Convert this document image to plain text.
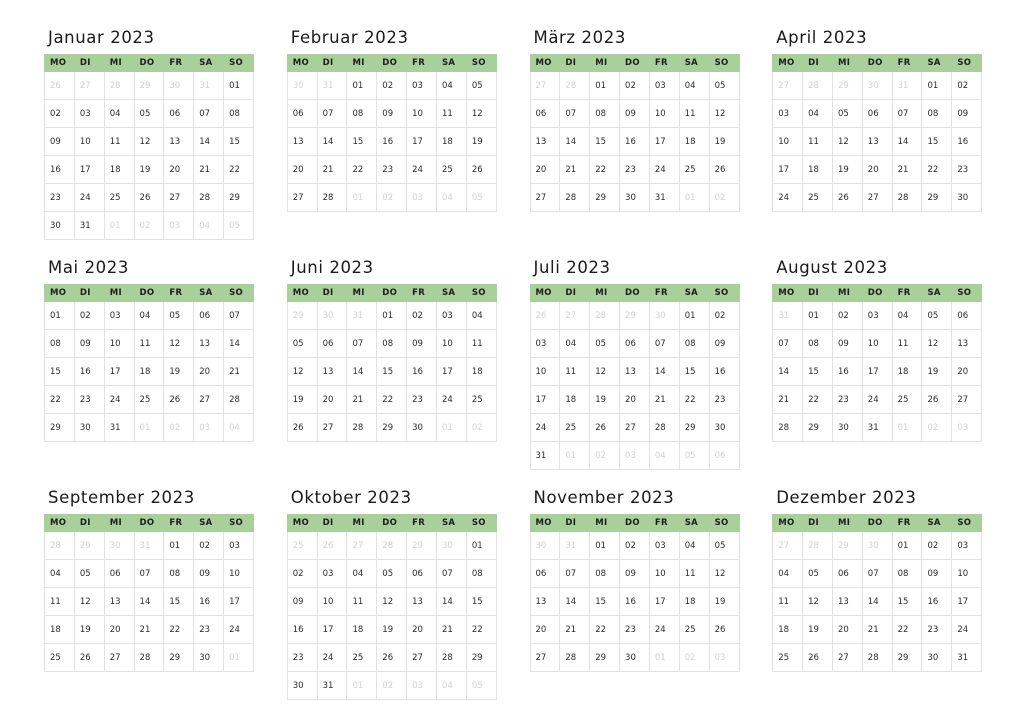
Januar 2023
MO	DI	MI	DO	FR	SA	SO
26	27	28	29	30	31	01
02	03	04	05	06	07	08
09	10	11	12	13	14	15
16	17	18	19	20	21	22
23	24	25	26	27	28	29
30	31	01	02	03	04	05
Februar 2023
MO	DI	MI	DO	FR	SA	SO
30	31	01	02	03	04	05
06	07	08	09	10	11	12
13	14	15	16	17	18	19
20	21	22	23	24	25	26
27	28	01	02	03	04	05
März 2023
MO	DI	MI	DO	FR	SA	SO
27	28	01	02	03	04	05
06	07	08	09	10	11	12
13	14	15	16	17	18	19
20	21	22	23	24	25	26
27	28	29	30	31	01	02
April 2023
MO	DI	MI	DO	FR	SA	SO
27	28	29	30	31	01	02
03	04	05	06	07	08	09
10	11	12	13	14	15	16
17	18	19	20	21	22	23
24	25	26	27	28	29	30
Mai 2023
MO	DI	MI	DO	FR	SA	SO
01	02	03	04	05	06	07
08	09	10	11	12	13	14
15	16	17	18	19	20	21
22	23	24	25	26	27	28
29	30	31	01	02	03	04
Juni 2023
MO	DI	MI	DO	FR	SA	SO
29	30	31	01	02	03	04
05	06	07	08	09	10	11
12	13	14	15	16	17	18
19	20	21	22	23	24	25
26	27	28	29	30	01	02
Juli 2023
MO	DI	MI	DO	FR	SA	SO
26	27	28	29	30	01	02
03	04	05	06	07	08	09
10	11	12	13	14	15	16
17	18	19	20	21	22	23
24	25	26	27	28	29	30
31	01	02	03	04	05	06
August 2023
MO	DI	MI	DO	FR	SA	SO
31	01	02	03	04	05	06
07	08	09	10	11	12	13
14	15	16	17	18	19	20
21	22	23	24	25	26	27
28	29	30	31	01	02	03
September 2023
MO	DI	MI	DO	FR	SA	SO
28	29	30	31	01	02	03
04	05	06	07	08	09	10
11	12	13	14	15	16	17
18	19	20	21	22	23	24
25	26	27	28	29	30	01
Oktober 2023
MO	DI	MI	DO	FR	SA	SO
25	26	27	28	29	30	01
02	03	04	05	06	07	08
09	10	11	12	13	14	15
16	17	18	19	20	21	22
23	24	25	26	27	28	29
30	31	01	02	03	04	05
November 2023
MO	DI	MI	DO	FR	SA	SO
30	31	01	02	03	04	05
06	07	08	09	10	11	12
13	14	15	16	17	18	19
20	21	22	23	24	25	26
27	28	29	30	01	02	03
Dezember 2023
MO	DI	MI	DO	FR	SA	SO
27	28	29	30	01	02	03
04	05	06	07	08	09	10
11	12	13	14	15	16	17
18	19	20	21	22	23	24
25	26	27	28	29	30	31
